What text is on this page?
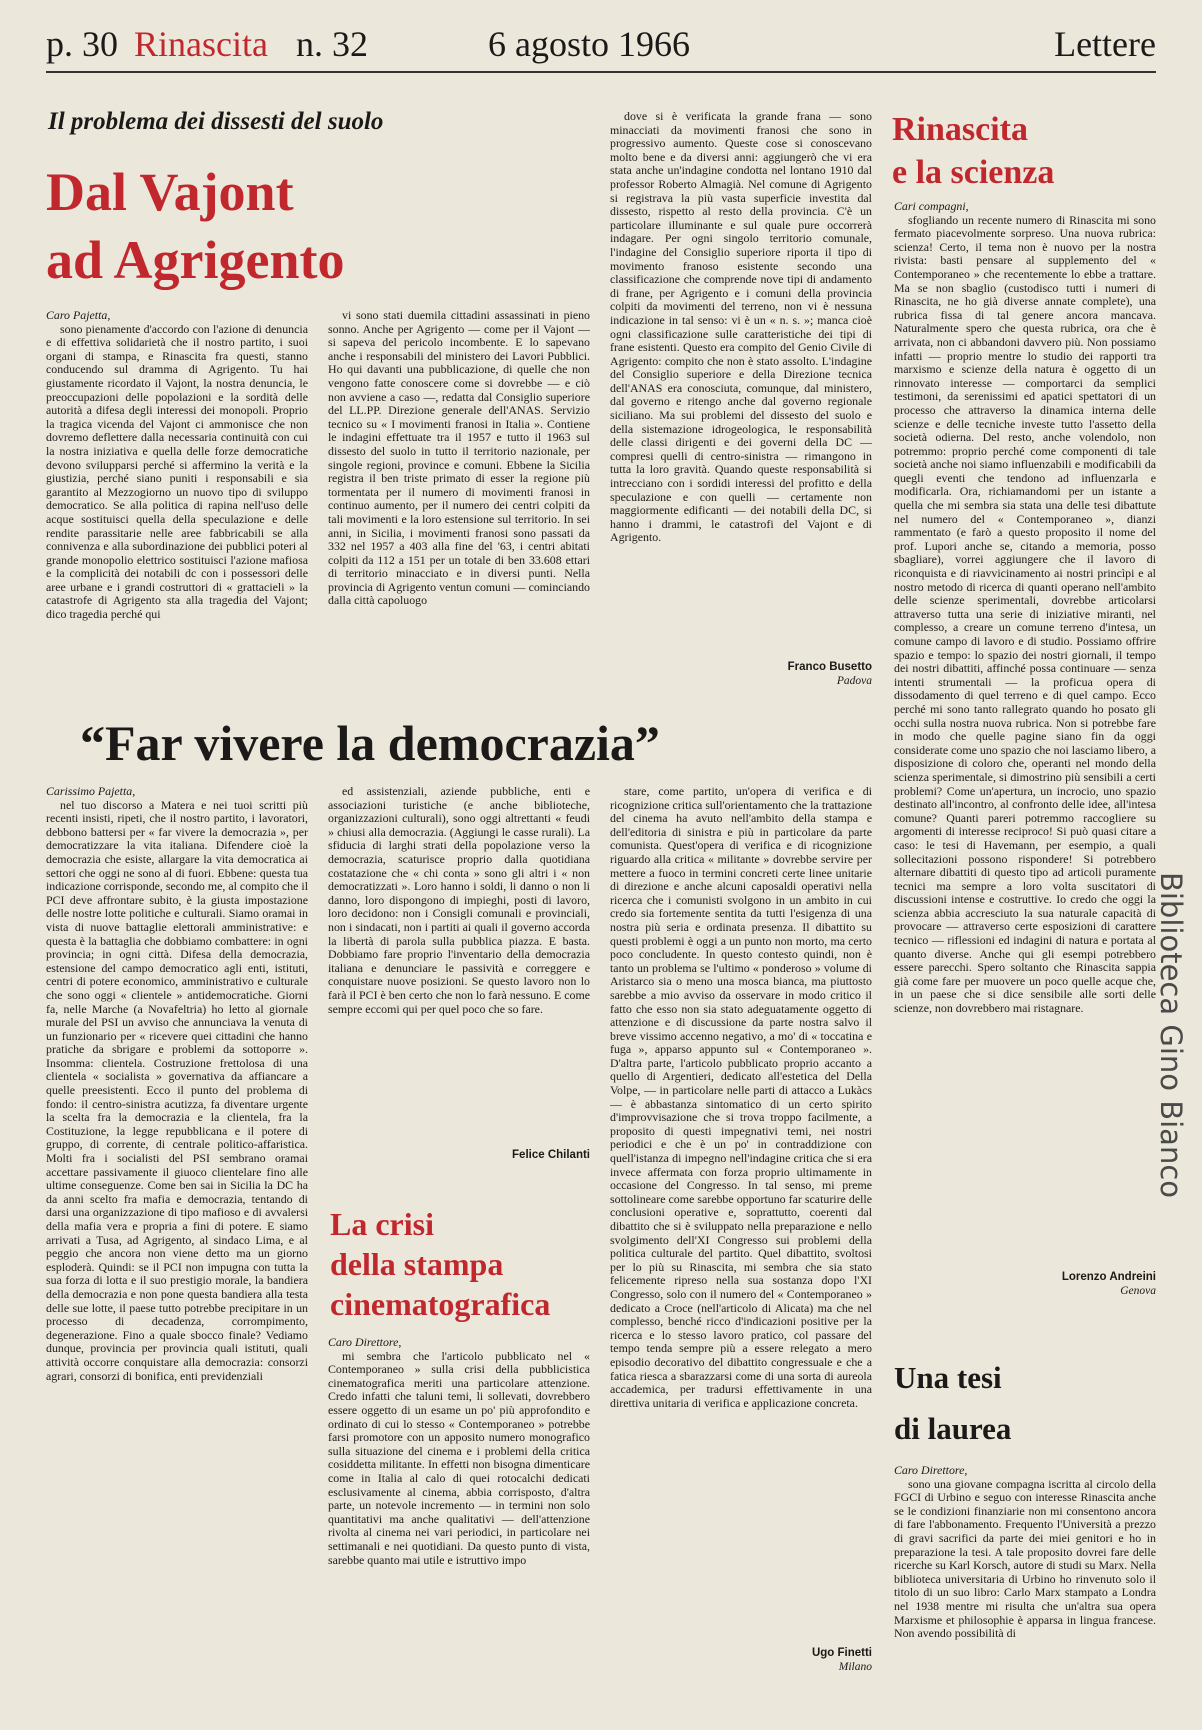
p. 30 Rinascita n. 32	6 agosto 1966	Lettere
Il problema dei dissesti del suolo
Dal Vajont
ad Agrigento

Caro Pajetta,

sono pienamente d'accordo con l'azione di denuncia e di effettiva solidarietà che il nostro partito, i suoi organi di stampa, e Rinascita fra questi, stanno conducendo sul dramma di Agrigento. Tu hai giustamente ricordato il Vajont, la nostra denuncia, le preoccupazioni delle popolazioni e la sordità delle autorità a difesa degli interessi dei monopoli. Proprio la tragica vicenda del Vajont ci ammonisce che non dovremo deflettere dalla necessaria continuità con cui la nostra iniziativa e quella delle forze democratiche devono svilupparsi perché si affermino la verità e la giustizia, perché siano puniti i responsabili e sia garantito al Mezzogiorno un nuovo tipo di sviluppo democratico. Se alla politica di rapina nell'uso delle acque sostituisci quella della speculazione e delle rendite parassitarie nelle aree fabbricabili se alla connivenza e alla subordinazione dei pubblici poteri al grande monopolio elettrico sostituisci l'azione mafiosa e la complicità dei notabili dc con i possessori delle aree urbane e i grandi costruttori di « grattacieli » la catastrofe di Agrigento sta alla tragedia del Vajont; dico tragedia perché qui

vi sono stati duemila cittadini assassinati in pieno sonno. Anche per Agrigento — come per il Vajont — si sapeva del pericolo incombente. E lo sapevano anche i responsabili del ministero dei Lavori Pubblici. Ho qui davanti una pubblicazione, di quelle che non vengono fatte conoscere come si dovrebbe — e ciò non avviene a caso —, redatta dal Consiglio superiore del LL.PP. Direzione generale dell'ANAS. Servizio tecnico su « I movimenti franosi in Italia ». Contiene le indagini effettuate tra il 1957 e tutto il 1963 sul dissesto del suolo in tutto il territorio nazionale, per singole regioni, province e comuni. Ebbene la Sicilia registra il ben triste primato di esser la regione più tormentata per il numero di movimenti franosi in continuo aumento, per il numero dei centri colpiti da tali movimenti e la loro estensione sul territorio. In sei anni, in Sicilia, i movimenti franosi sono passati da 332 nel 1957 a 403 alla fine del '63, i centri abitati colpiti da 112 a 151 per un totale di ben 33.608 ettari di territorio minacciato e in diversi punti. Nella provincia di Agrigento ventun comuni — cominciando dalla città capoluogo

dove si è verificata la grande frana — sono minacciati da movimenti franosi che sono in progressivo aumento. Queste cose si conoscevano molto bene e da diversi anni: aggiungerò che vi era stata anche un'indagine condotta nel lontano 1910 dal professor Roberto Almagià. Nel comune di Agrigento si registrava la più vasta superficie investita dal dissesto, rispetto al resto della provincia. C'è un particolare illuminante e sul quale pure occorrerà indagare. Per ogni singolo territorio comunale, l'indagine del Consiglio superiore riporta il tipo di movimento franoso esistente secondo una classificazione che comprende nove tipi di andamento di frane, per Agrigento e i comuni della provincia colpiti da movimenti del terreno, non vi è nessuna indicazione in tal senso: vi è un « n. s. »; manca cioè ogni classificazione sulle caratteristiche dei tipi di frane esistenti. Questo era compito del Genio Civile di Agrigento: compito che non è stato assolto. L'indagine del Consiglio superiore e della Direzione tecnica dell'ANAS era conosciuta, comunque, dal ministero, dal governo e ritengo anche dal governo regionale siciliano. Ma sui problemi del dissesto del suolo e della sistemazione idrogeologica, le responsabilità delle classi dirigenti e dei governi della DC — compresi quelli di centro-sinistra — rimangono in tutta la loro gravità. Quando queste responsabilità si intrecciano con i sordidi interessi del profitto e della speculazione e con quelli — certamente non maggiormente edificanti — dei notabili della DC, si hanno i drammi, le catastrofi del Vajont e di Agrigento.

Franco Busetto
Padova
Rinascita
e la scienza

Cari compagni,

sfogliando un recente numero di Rinascita mi sono fermato piacevolmente sorpreso. Una nuova rubrica: scienza! Certo, il tema non è nuovo per la nostra rivista: basti pensare al supplemento del « Contemporaneo » che recentemente lo ebbe a trattare. Ma se non sbaglio (custodisco tutti i numeri di Rinascita, ne ho già diverse annate complete), una rubrica fissa di tal genere ancora mancava. Naturalmente spero che questa rubrica, ora che è arrivata, non ci abbandoni davvero più. Non possiamo infatti — proprio mentre lo studio dei rapporti tra marxismo e scienze della natura è oggetto di un rinnovato interesse — comportarci da semplici testimoni, da serenissimi ed apatici spettatori di un processo che attraverso la dinamica interna delle scienze e delle tecniche investe tutto l'assetto della società odierna. Del resto, anche volendolo, non potremmo: proprio perché come componenti di tale società anche noi siamo influenzabili e modificabili da quegli eventi che tendono ad influenzarla e modificarla. Ora, richiamandomi per un istante a quella che mi sembra sia stata una delle tesi dibattute nel numero del « Contemporaneo », dianzi rammentato (e farò a questo proposito il nome del prof. Lupori anche se, citando a memoria, posso sbagliare), vorrei aggiungere che il lavoro di riconquista e di riavvicinamento ai nostri princìpi e al nostro metodo di ricerca di quanti operano nell'ambito delle scienze sperimentali, dovrebbe articolarsi attraverso tutta una serie di iniziative miranti, nel complesso, a creare un comune terreno d'intesa, un comune campo di lavoro e di studio. Possiamo offrire spazio e tempo: lo spazio dei nostri giornali, il tempo dei nostri dibattiti, affinché possa continuare — senza intenti strumentali — la proficua opera di dissodamento di quel terreno e di quel campo. Ecco perché mi sono tanto rallegrato quando ho posato gli occhi sulla nostra nuova rubrica. Non si potrebbe fare in modo che quelle pagine siano fin da oggi considerate come uno spazio che noi lasciamo libero, a disposizione di coloro che, operanti nel mondo della scienza sperimentale, si dimostrino più sensibili a certi problemi? Come un'apertura, un incrocio, uno spazio destinato all'incontro, al confronto delle idee, all'intesa comune? Quanti pareri potremmo raccogliere su argomenti di interesse reciproco! Si può quasi citare a caso: le tesi di Havemann, per esempio, a quali sollecitazioni possono rispondere! Si potrebbero alternare dibattiti di questo tipo ad articoli puramente tecnici ma sempre a loro volta suscitatori di discussioni intense e costruttive. Io credo che oggi la scienza abbia accresciuto la sua naturale capacità di provocare — attraverso certe esposizioni di carattere tecnico — riflessioni ed indagini di natura e portata al quanto diverse. Anche qui gli esempi potrebbero essere parecchi. Spero soltanto che Rinascita sappia già come fare per muovere un poco quelle acque che, in un paese che si dice sensibile alle sorti delle scienze, non dovrebbero mai ristagnare.

Lorenzo Andreini
Genova
“Far vivere la democrazia”

Carissimo Pajetta,

nel tuo discorso a Matera e nei tuoi scritti più recenti insisti, ripeti, che il nostro partito, i lavoratori, debbono battersi per « far vivere la democrazia », per democratizzare la vita italiana. Difendere cioè la democrazia che esiste, allargare la vita democratica ai settori che oggi ne sono al di fuori. Ebbene: questa tua indicazione corrisponde, secondo me, al compito che il PCI deve affrontare subito, è la giusta impostazione delle nostre lotte politiche e culturali. Siamo oramai in vista di nuove battaglie elettorali amministrative: e questa è la battaglia che dobbiamo combattere: in ogni provincia; in ogni città. Difesa della democrazia, estensione del campo democratico agli enti, istituti, centri di potere economico, amministrativo e culturale che sono oggi « clientele » antidemocratiche. Giorni fa, nelle Marche (a Novafeltria) ho letto al giornale murale del PSI un avviso che annunciava la venuta di un funzionario per « ricevere quei cittadini che hanno pratiche da sbrigare e problemi da sottoporre ». Insomma: clientela. Costruzione frettolosa di una clientela « socialista » governativa da affiancare a quelle preesistenti. Ecco il punto del problema di fondo: il centro-sinistra acutizza, fa diventare urgente la scelta fra la democrazia e la clientela, fra la Costituzione, la legge repubblicana e il potere di gruppo, di corrente, di centrale politico-affaristica. Molti fra i socialisti del PSI sembrano oramai accettare passivamente il giuoco clientelare fino alle ultime conseguenze. Come ben sai in Sicilia la DC ha da anni scelto fra mafia e democrazia, tentando di darsi una organizzazione di tipo mafioso e di avvalersi della mafia vera e propria a fini di potere. E siamo arrivati a Tusa, ad Agrigento, al sindaco Lima, e al peggio che ancora non viene detto ma un giorno esploderà. Quindi: se il PCI non impugna con tutta la sua forza di lotta e il suo prestigio morale, la bandiera della democrazia e non pone questa bandiera alla testa delle sue lotte, il paese tutto potrebbe precipitare in un processo di decadenza, corrompimento, degenerazione. Fino a quale sbocco finale? Vediamo dunque, provincia per provincia quali istituti, quali attività occorre conquistare alla democrazia: consorzi agrari, consorzi di bonifica, enti previdenziali

ed assistenziali, aziende pubbliche, enti e associazioni turistiche (e anche biblioteche, organizzazioni culturali), sono oggi altrettanti « feudi » chiusi alla democrazia. (Aggiungi le casse rurali). La sfiducia di larghi strati della popolazione verso la democrazia, scaturisce proprio dalla quotidiana costatazione che « chi conta » sono gli altri i « non democratizzati ». Loro hanno i soldi, li danno o non li danno, loro dispongono di impieghi, posti di lavoro, loro decidono: non i Consigli comunali e provinciali, non i sindacati, non i partiti ai quali il governo accorda la libertà di parola sulla pubblica piazza. E basta. Dobbiamo fare proprio l'inventario della democrazia italiana e denunciare le passività e correggere e conquistare nuove posizioni. Se questo lavoro non lo farà il PCI è ben certo che non lo farà nessuno. E come sempre eccomi qui per quel poco che so fare.

Felice Chilanti
La crisi
della stampa
cinematografica

Caro Direttore,

mi sembra che l'articolo pubblicato nel « Contemporaneo » sulla crisi della pubblicistica cinematografica meriti una particolare attenzione. Credo infatti che taluni temi, li sollevati, dovrebbero essere oggetto di un esame un po' più approfondito e ordinato di cui lo stesso « Contemporaneo » potrebbe farsi promotore con un apposito numero monografico sulla situazione del cinema e i problemi della critica cosiddetta militante. In effetti non bisogna dimenticare come in Italia al calo di quei rotocalchi dedicati esclusivamente al cinema, abbia corrisposto, d'altra parte, un notevole incremento — in termini non solo quantitativi ma anche qualitativi — dell'attenzione rivolta al cinema nei vari periodici, in particolare nei settimanali e nei quotidiani. Da questo punto di vista, sarebbe quanto mai utile e istruttivo impo

stare, come partito, un'opera di verifica e di ricognizione critica sull'orientamento che la trattazione del cinema ha avuto nell'ambito della stampa e dell'editoria di sinistra e più in particolare da parte comunista. Quest'opera di verifica e di ricognizione riguardo alla critica « militante » dovrebbe servire per mettere a fuoco in termini concreti certe linee unitarie di direzione e anche alcuni caposaldi operativi nella ricerca che i comunisti svolgono in un ambito in cui credo sia fortemente sentita da tutti l'esigenza di una nostra più seria e ordinata presenza. Il dibattito su questi problemi è oggi a un punto non morto, ma certo poco concludente. In questo contesto quindi, non è tanto un problema se l'ultimo « ponderoso » volume di Aristarco sia o meno una mosca bianca, ma piuttosto sarebbe a mio avviso da osservare in modo critico il fatto che esso non sia stato adeguatamente oggetto di attenzione e di discussione da parte nostra salvo il breve vissimo accenno negativo, a mo' di « toccatina e fuga », apparso appunto sul « Contemporaneo ». D'altra parte, l'articolo pubblicato proprio accanto a quello di Argentieri, dedicato all'estetica del Della Volpe, — in particolare nelle parti di attacco a Lukàcs — è abbastanza sintomatico di un certo spirito d'improvvisazione che si trova troppo facilmente, a proposito di questi impegnativi temi, nei nostri periodici e che è un po' in contraddizione con quell'istanza di impegno nell'indagine critica che si era invece affermata con forza proprio ultimamente in occasione del Congresso. In tal senso, mi preme sottolineare come sarebbe opportuno far scaturire delle conclusioni operative e, soprattutto, coerenti dal dibattito che si è sviluppato nella preparazione e nello svolgimento dell'XI Congresso sui problemi della politica culturale del partito. Quel dibattito, svoltosi per lo più su Rinascita, mi sembra che sia stato felicemente ripreso nella sua sostanza dopo l'XI Congresso, solo con il numero del « Contemporaneo » dedicato a Croce (nell'articolo di Alicata) ma che nel complesso, benché ricco d'indicazioni positive per la ricerca e lo stesso lavoro pratico, col passare del tempo tenda sempre più a essere relegato a mero episodio decorativo del dibattito congressuale e che a fatica riesca a sbarazzarsi come di una sorta di aureola accademica, per tradursi effettivamente in una direttiva unitaria di verifica e applicazione concreta.

Ugo Finetti
Milano
Una tesi
di laurea

Caro Direttore,

sono una giovane compagna iscritta al circolo della FGCI di Urbino e seguo con interesse Rinascita anche se le condizioni finanziarie non mi consentono ancora di fare l'abbonamento. Frequento l'Università a prezzo di gravi sacrifici da parte dei miei genitori e ho in preparazione la tesi. A tale proposito dovrei fare delle ricerche su Karl Korsch, autore di studi su Marx. Nella biblioteca universitaria di Urbino ho rinvenuto solo il titolo di un suo libro: Carlo Marx stampato a Londra nel 1938 mentre mi risulta che un'altra sua opera Marxisme et philosophie è apparsa in lingua francese. Non avendo possibilità di

Biblioteca Gino Bianco
